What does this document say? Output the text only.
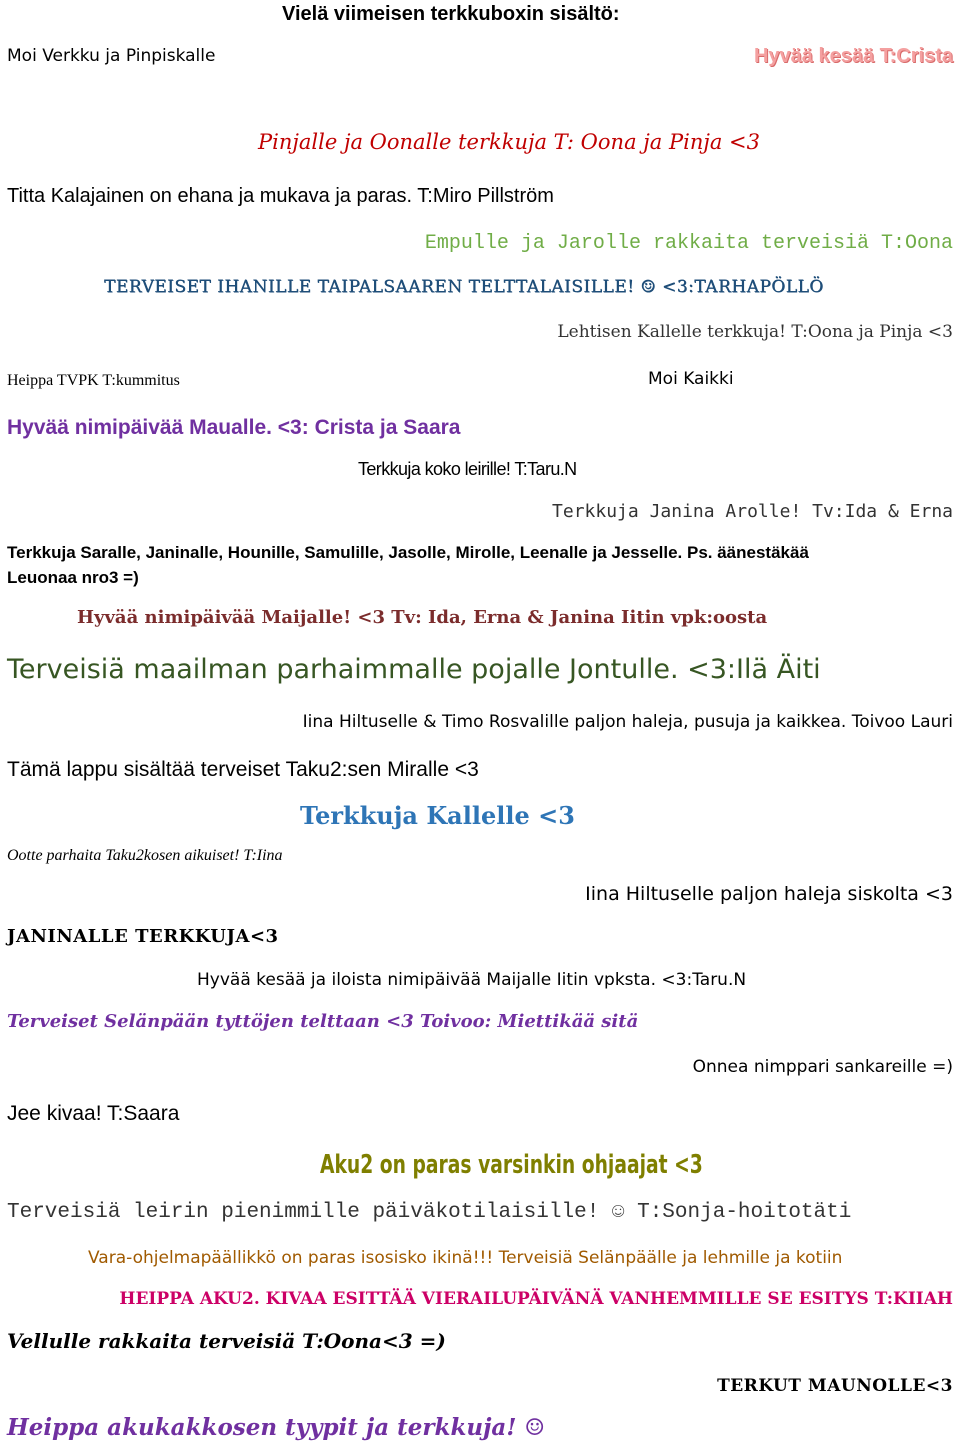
Vielä viimeisen terkkuboxin sisältö:
Moi Verkku ja Pinpiskalle	Hyvää kesää T:Crista
Pinjalle ja Oonalle terkkuja T: Oona ja Pinja <3
Titta Kalajainen on ehana ja mukava ja paras. T:Miro Pillström
Empulle ja Jarolle rakkaita terveisiä T:Oona
TERVEISET IHANILLE TAIPALSAAREN TELTTALAISILLE! ☺ <3:TARHAPÖLLÖ
Lehtisen Kallelle terkkuja! T:Oona ja Pinja <3
Heippa TVPK T:kummitus	Moi Kaikki
Hyvää nimipäivää Maualle. <3: Crista ja Saara
Terkkuja koko leirille! T:Taru.N
Terkkuja Janina Arolle! Tv:Ida & Erna
Terkkuja Saralle, Janinalle, Hounille, Samulille, Jasolle, Mirolle, Leenalle ja Jesselle. Ps. äänestäkää
Leuonaa nro3 =)
Hyvää nimipäivää Maijalle! <3 Tv: Ida, Erna & Janina Iitin vpk:oosta
Terveisiä maailman parhaimmalle pojalle Jontulle. <3:Ilä Äiti
Iina Hiltuselle & Timo Rosvalille paljon haleja, pusuja ja kaikkea. Toivoo Lauri
Tämä lappu sisältää terveiset Taku2:sen Miralle <3
Terkkuja Kallelle <3
Ootte parhaita Taku2kosen aikuiset! T:Iina
Iina Hiltuselle paljon haleja siskolta <3
JANINALLE TERKKUJA<3
Hyvää kesää ja iloista nimipäivää Maijalle Iitin vpksta. <3:Taru.N
Terveiset Selänpään tyttöjen telttaan <3 Toivoo: Miettikää sitä
Onnea nimppari sankareille =)
Jee kivaa! T:Saara
Aku2 on paras varsinkin ohjaajat <3
Terveisiä leirin pienimmille päiväkotilaisille! ☺ T:Sonja-hoitotäti
Vara-ohjelmapäällikkö on paras isosisko ikinä!!! Terveisiä Selänpäälle ja lehmille ja kotiin
HEIPPA AKU2. KIVAA ESITTÄÄ VIERAILUPÄIVÄNÄ VANHEMMILLE SE ESITYS T:KIIAH
Vellulle rakkaita terveisiä T:Oona<3 =)
TERKUT MAUNOLLE<3
Heippa akukakkosen tyypit ja terkkuja! ☺
